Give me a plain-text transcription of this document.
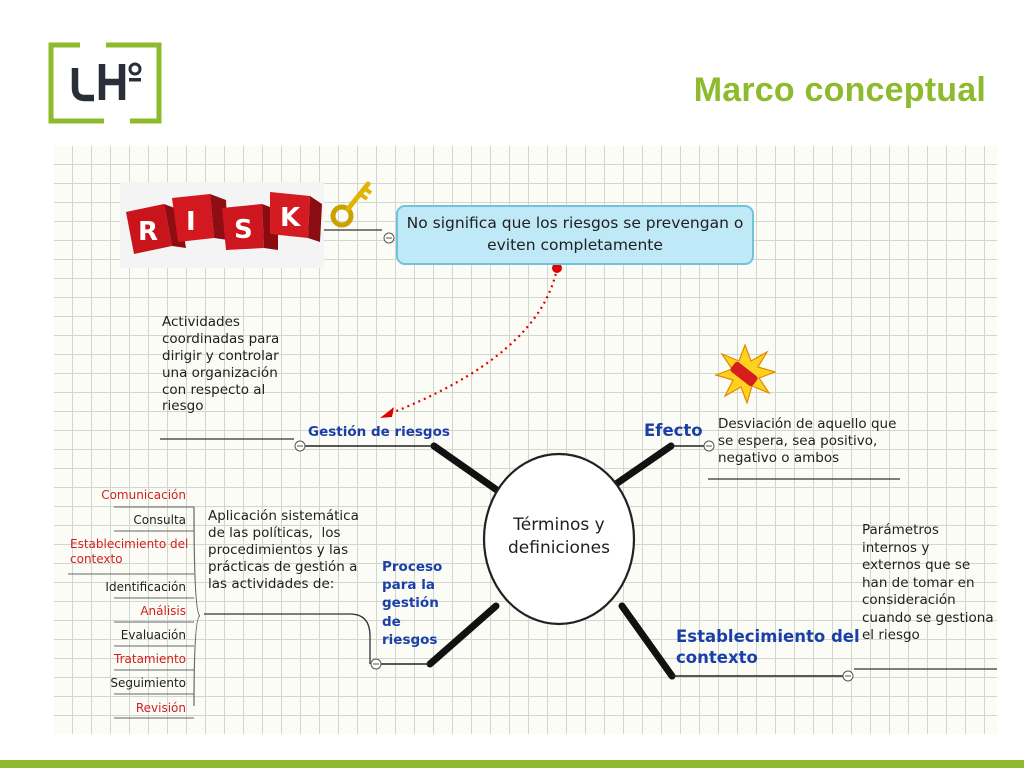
Marco conceptual
R I S K	No significa que los riesgos se prevengan o
eviten completamente

Términos y
definiciones

Actividades
coordinadas para
dirigir y controlar
una organización
con respecto al
riesgo

Gestión de riesgos	Efecto Desviación de aquello que
se espera, sea positivo,
negativo o ambos

Proceso
para la
gestión
de
riesgos

Aplicación sistemática
de las políticas,  los
procedimientos y las
prácticas de gestión a
las actividades de:

Comunicación

Consulta

Establecimiento del
contexto

Identificación

Análisis

Evaluación

Tratamiento

Seguimiento

Revisión

Establecimiento del
contexto

Parámetros
internos y
externos que se
han de tomar en
consideración
cuando se gestiona
el riesgo
